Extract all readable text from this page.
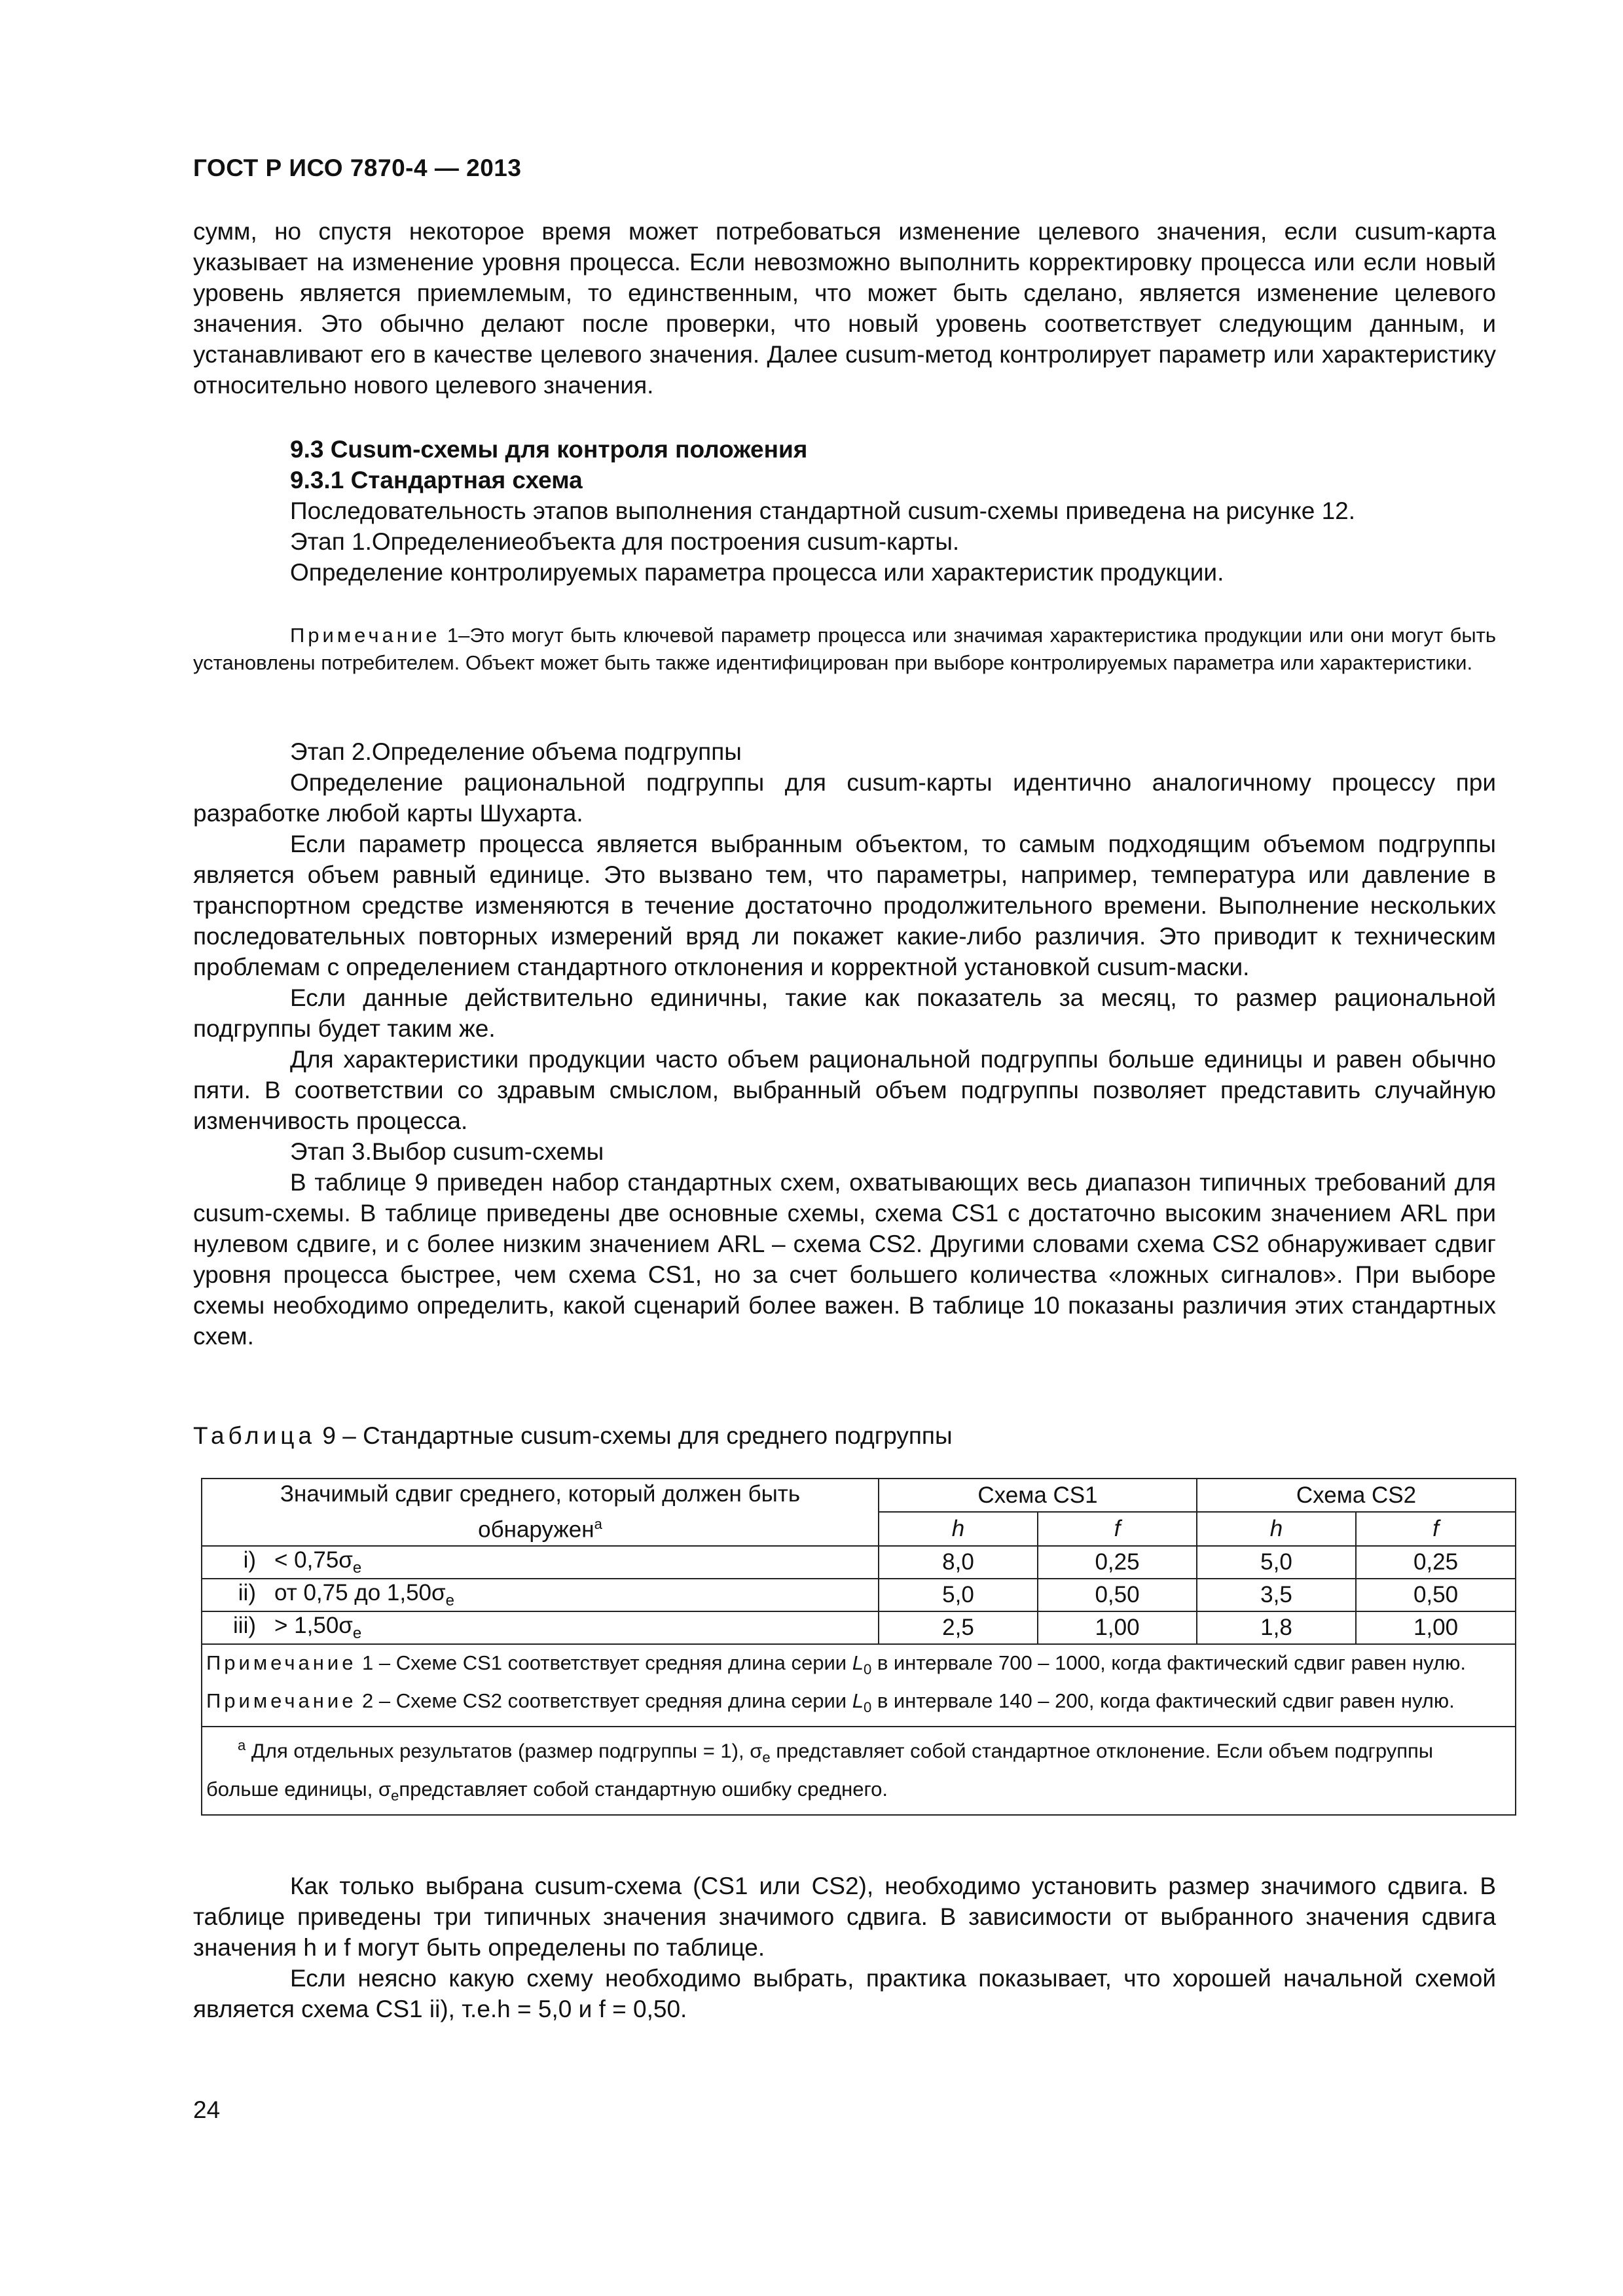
ГОСТ Р ИСО 7870-4 — 2013

сумм, но спустя некоторое время может потребоваться изменение целевого значения, если cusum-карта указывает на изменение уровня процесса. Если невозможно выполнить корректировку процесса или если новый уровень является приемлемым, то единственным, что может быть сделано, является изменение целевого значения. Это обычно делают после проверки, что новый уровень соответствует следующим данным, и устанавливают его в качестве целевого значения. Далее cusum-метод контролирует параметр или характеристику относительно нового целевого значения.

9.3 Cusum-схемы для контроля положения

9.3.1 Стандартная схема

Последовательность этапов выполнения стандартной cusum-схемы приведена на рисунке 12.

Этап 1.Определениеобъекта для построения cusum-карты.

Определение контролируемых параметра процесса или характеристик продукции.

Примечание 1–Это могут быть ключевой параметр процесса или значимая характеристика продукции или они могут быть установлены потребителем. Объект может быть также идентифицирован при выборе контролируемых параметра или характеристики.

Этап 2.Определение объема подгруппы

Определение рациональной подгруппы для cusum-карты идентично аналогичному процессу при разработке любой карты Шухарта.

Если параметр процесса является выбранным объектом, то самым подходящим объемом подгруппы является объем равный единице. Это вызвано тем, что параметры, например, температура или давление в транспортном средстве изменяются в течение достаточно продолжительного времени. Выполнение нескольких последовательных повторных измерений вряд ли покажет какие-либо различия. Это приводит к техническим проблемам с определением стандартного отклонения и корректной установкой cusum-маски.

Если данные действительно единичны, такие как показатель за месяц, то размер рациональной подгруппы будет таким же.

Для характеристики продукции часто объем рациональной подгруппы больше единицы и равен обычно пяти. В соответствии со здравым смыслом, выбранный объем подгруппы позволяет представить случайную изменчивость процесса.

Этап 3.Выбор cusum-схемы

В таблице 9 приведен набор стандартных схем, охватывающих весь диапазон типичных требований для cusum-схемы. В таблице приведены две основные схемы, схема CS1 с достаточно высоким значением ARL при нулевом сдвиге, и с более низким значением ARL – схема CS2. Другими словами схема CS2 обнаруживает сдвиг уровня процесса быстрее, чем схема CS1, но за счет большего количества «ложных сигналов». При выборе схемы необходимо определить, какой сценарий более важен. В таблице 10 показаны различия этих стандартных схем.

Таблица 9 – Стандартные cusum-схемы для среднего подгруппы

Значимый сдвиг среднего, который должен быть
обнаружен$^a$	Схема CS1		Схема CS2	
	h	f	h	f
$i) < 0,75\sigma_e$	8,0	0,25	5,0	0,25
ii) от 0,75 до $1,50\sigma_e$	5,0	0,50	3,5	0,50
$iii) > 1,50\sigma_e$	2,5	1,00	1,8	1,00

Примечание 1 – Схеме CS1 соответствует средняя длина серии $L_0$ в интервале 700 – 1000, когда фактический сдвиг равен нулю.
Примечание 2 – Схеме CS2 соответствует средняя длина серии $L_0$ в интервале 140 – 200, когда фактический сдвиг равен нулю.				

$^a$ Для отдельных результатов (размер подгруппы = 1), $\sigma_e$ представляет собой стандартное отклонение. Если объем подгруппы больше единицы, $\sigma_eпредставляет$ собой стандартную ошибку среднего.				

Как только выбрана cusum-схема (CS1 или CS2), необходимо установить размер значимого сдвига. В таблице приведены три типичных значения значимого сдвига. В зависимости от выбранного значения сдвига значения h и f могут быть определены по таблице.

Если неясно какую схему необходимо выбрать, практика показывает, что хорошей начальной схемой является схема CS1 ii), т.е.h = 5,0 и f = 0,50.

24
